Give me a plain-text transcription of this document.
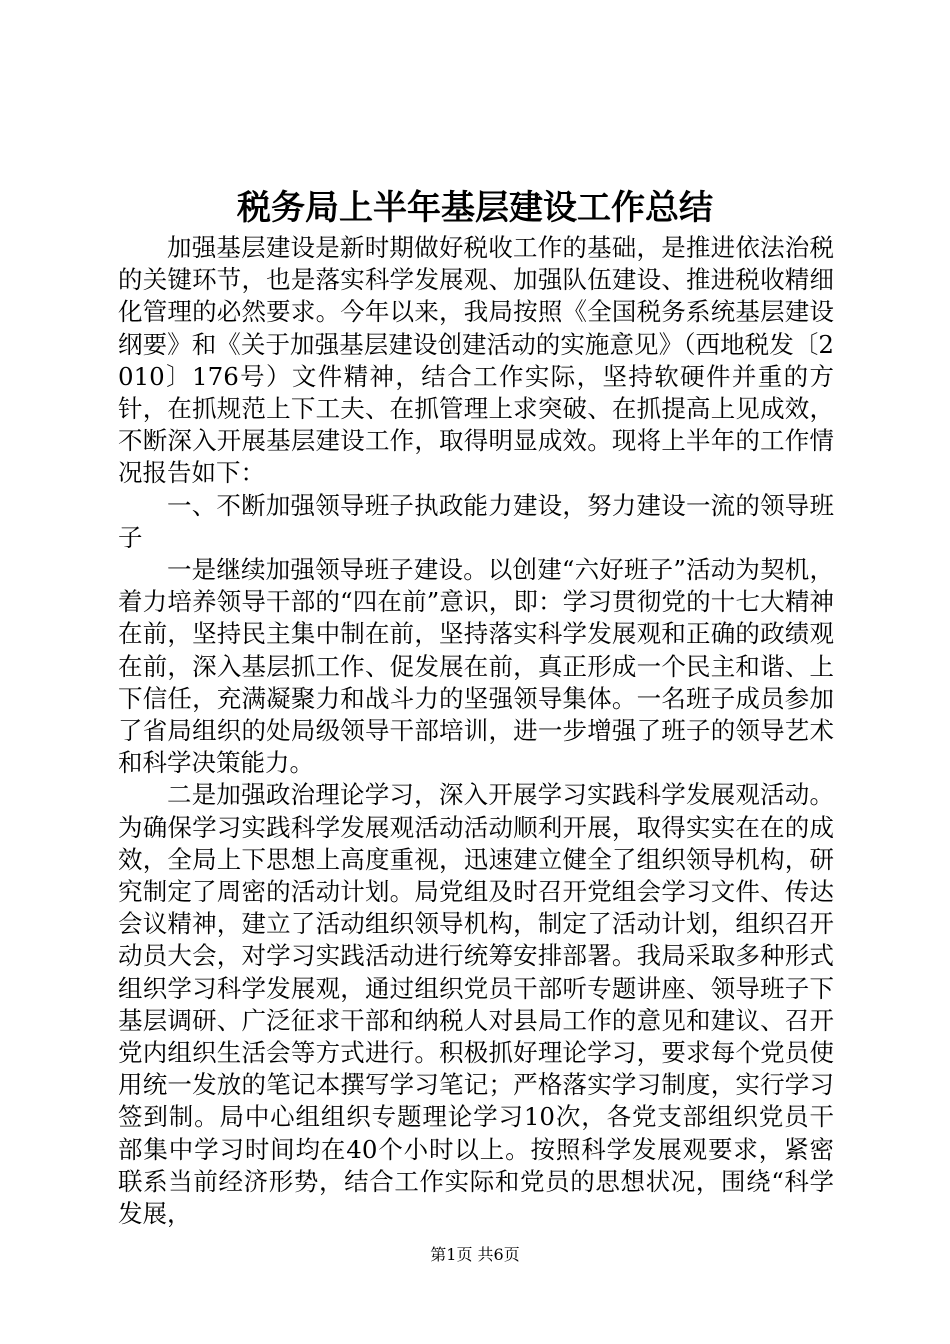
税务局上半年基层建设工作总结

加强基层建设是新时期做好税收工作的基础，是推进依法治税的关键环节，也是落实科学发展观、加强队伍建设、推进税收精细化管理的必然要求。今年以来，我局按照《全国税务系统基层建设纲要》和《关于加强基层建设创建活动的实施意见》（西地税发〔2010〕176号）文件精神，结合工作实际，坚持软硬件并重的方针，在抓规范上下工夫、在抓管理上求突破、在抓提高上见成效，不断深入开展基层建设工作，取得明显成效。现将上半年的工作情况报告如下：

一、不断加强领导班子执政能力建设，努力建设一流的领导班子

一是继续加强领导班子建设。以创建“六好班子”活动为契机，着力培养领导干部的“四在前”意识，即：学习贯彻党的十七大精神在前，坚持民主集中制在前，坚持落实科学发展观和正确的政绩观在前，深入基层抓工作、促发展在前，真正形成一个民主和谐、上下信任，充满凝聚力和战斗力的坚强领导集体。一名班子成员参加了省局组织的处局级领导干部培训，进一步增强了班子的领导艺术和科学决策能力。

二是加强政治理论学习，深入开展学习实践科学发展观活动。为确保学习实践科学发展观活动活动顺利开展，取得实实在在的成效，全局上下思想上高度重视，迅速建立健全了组织领导机构，研究制定了周密的活动计划。局党组及时召开党组会学习文件、传达会议精神，建立了活动组织领导机构，制定了活动计划，组织召开动员大会，对学习实践活动进行统筹安排部署。我局采取多种形式组织学习科学发展观，通过组织党员干部听专题讲座、领导班子下基层调研、广泛征求干部和纳税人对县局工作的意见和建议、召开党内组织生活会等方式进行。积极抓好理论学习，要求每个党员使用统一发放的笔记本撰写学习笔记；严格落实学习制度，实行学习签到制。局中心组组织专题理论学习10次，各党支部组织党员干部集中学习时间均在40个小时以上。按照科学发展观要求，紧密联系当前经济形势，结合工作实际和党员的思想状况，围绕“科学发展，

第1页 共6页
